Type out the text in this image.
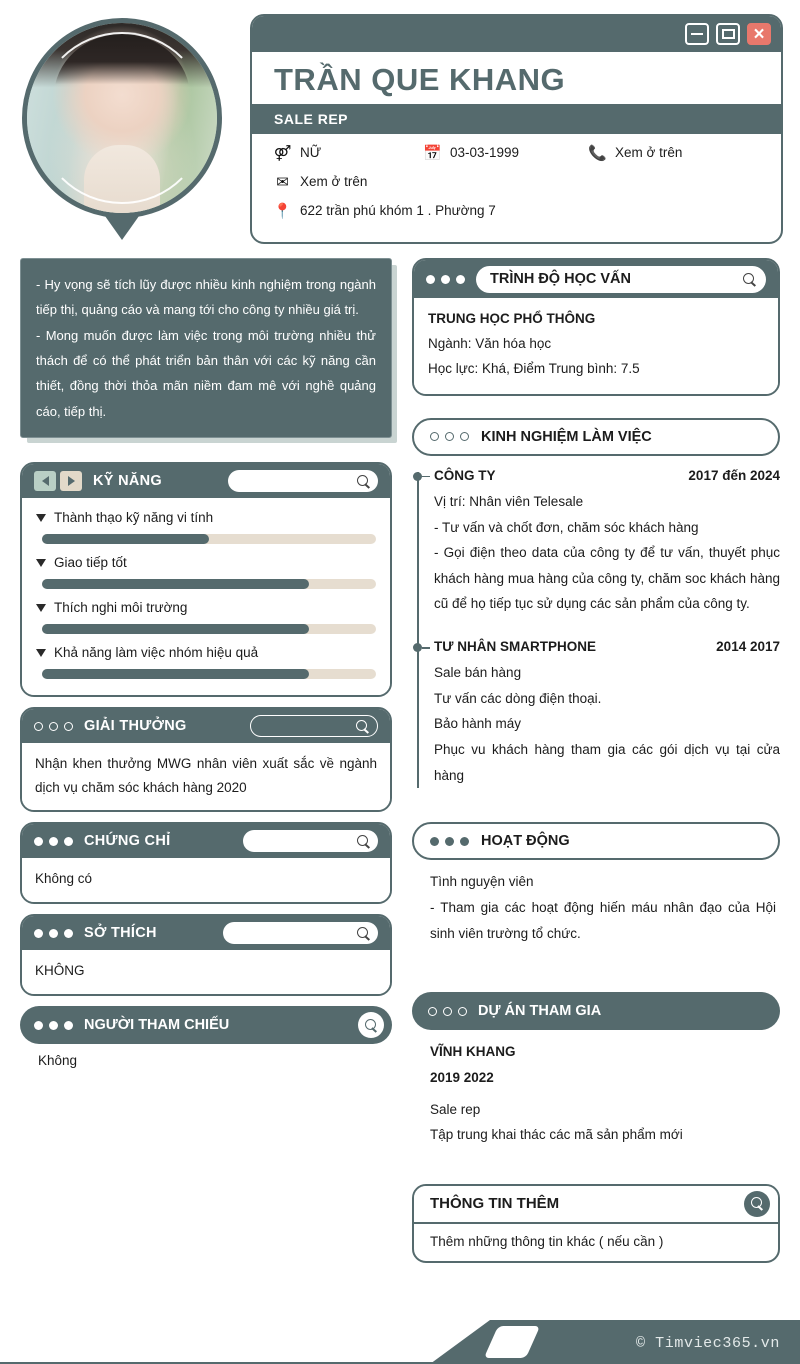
×
TRẦN QUE KHANG
SALE REP
⚤ NỮ	📅 03-03-1999	📞 Xem ở trên
✉ Xem ở trên
📍 622 trần phú khóm 1 . Phường 7
- Hy vọng sẽ tích lũy được nhiều kinh nghiệm trong ngành tiếp thị, quảng cáo và mang tới cho công ty nhiều giá trị.
- Mong muốn được làm việc trong môi trường nhiều thử thách để có thể phát triển bản thân với các kỹ năng cần thiết, đồng thời thỏa mãn niềm đam mê với nghề quảng cáo, tiếp thị.
KỸ NĂNG
Thành thạo kỹ năng vi tính
Giao tiếp tốt
Thích nghi môi trường
Khả năng làm việc nhóm hiệu quả
GIẢI THƯỞNG
Nhận khen thưởng MWG nhân viên xuất sắc về ngành dịch vụ chăm sóc khách hàng 2020
CHỨNG CHỈ
Không có
SỞ THÍCH
KHÔNG
NGƯỜI THAM CHIẾU
Không
TRÌNH ĐỘ HỌC VẤN
TRUNG HỌC PHỔ THÔNG
Ngành: Văn hóa học
Học lực: Khá, Điểm Trung bình: 7.5
KINH NGHIỆM LÀM VIỆC
CÔNG TY	2017 đến 2024
Vị trí: Nhân viên Telesale
- Tư vấn và chốt đơn, chăm sóc khách hàng
- Gọi điện theo data của công ty để tư vấn, thuyết phục khách hàng mua hàng của công ty, chăm soc khách hàng cũ để họ tiếp tục sử dụng các sản phẩm của công ty.
TƯ NHÂN SMARTPHONE	2014 2017
Sale bán hàng
Tư vấn các dòng điện thoại.
Bảo hành máy
Phục vu khách hàng tham gia các gói dịch vụ tại cửa hàng
HOẠT ĐỘNG
Tình nguyện viên
- Tham gia các hoạt động hiến máu nhân đạo của Hội sinh viên trường tổ chức.
DỰ ÁN THAM GIA
VĨNH KHANG
2019 2022
Sale rep
Tập trung khai thác các mã sản phẩm mới
THÔNG TIN THÊM
Thêm những thông tin khác ( nếu cần )
© Timviec365.vn
